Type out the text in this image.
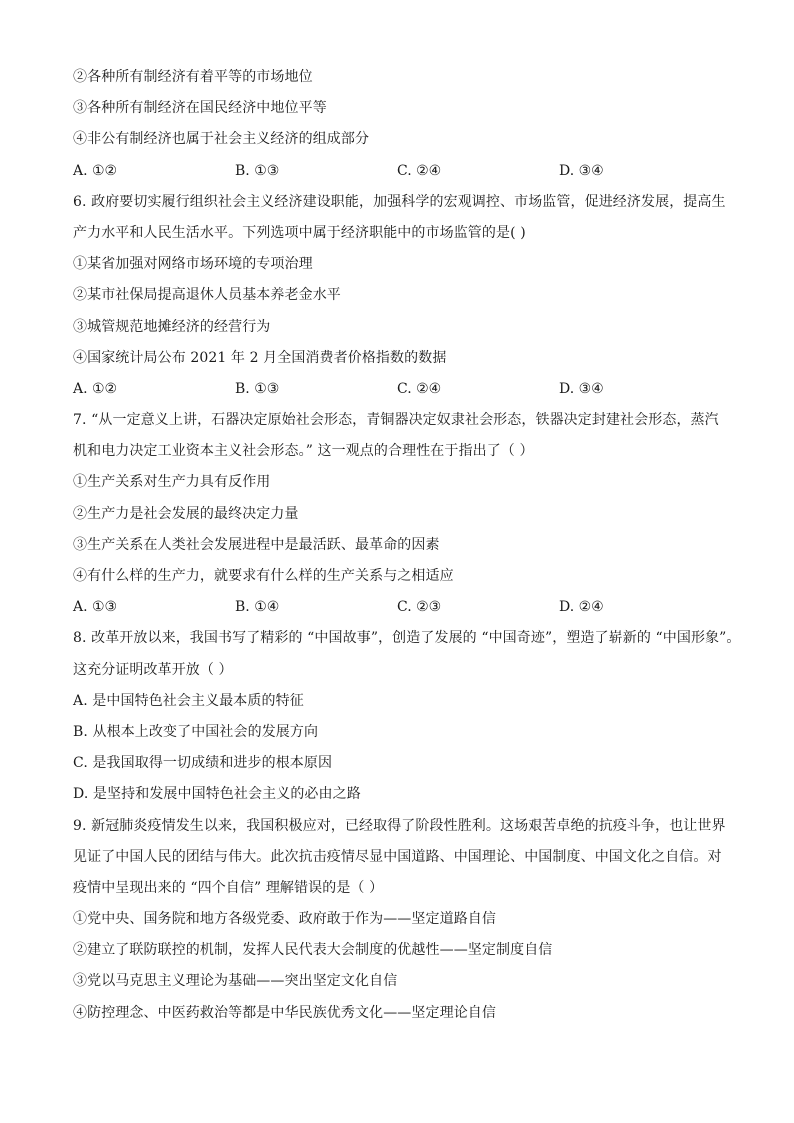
②各种所有制经济有着平等的市场地位
③各种所有制经济在国民经济中地位平等
④非公有制经济也属于社会主义经济的组成部分
A. ①②	B. ①③	C. ②④	D. ③④
6. 政府要切实履行组织社会主义经济建设职能，加强科学的宏观调控、市场监管，促进经济发展，提高生
产力水平和人民生活水平。下列选项中属于经济职能中的市场监管的是( )
①某省加强对网络市场环境的专项治理
②某市社保局提高退休人员基本养老金水平
③城管规范地摊经济的经营行为
④国家统计局公布 2021 年 2 月全国消费者价格指数的数据
A. ①②	B. ①③	C. ②④	D. ③④
7. “从一定意义上讲，石器决定原始社会形态，青铜器决定奴隶社会形态，铁器决定封建社会形态，蒸汽
机和电力决定工业资本主义社会形态。” 这一观点的合理性在于指出了（ ）
①生产关系对生产力具有反作用
②生产力是社会发展的最终决定力量
③生产关系在人类社会发展进程中是最活跃、最革命的因素
④有什么样的生产力，就要求有什么样的生产关系与之相适应
A. ①③	B. ①④	C. ②③	D. ②④
8. 改革开放以来，我国书写了精彩的 “中国故事”，创造了发展的 “中国奇迹”，塑造了崭新的 “中国形象”。
这充分证明改革开放（ ）
A. 是中国特色社会主义最本质的特征
B. 从根本上改变了中国社会的发展方向
C. 是我国取得一切成绩和进步的根本原因
D. 是坚持和发展中国特色社会主义的必由之路
9. 新冠肺炎疫情发生以来，我国积极应对，已经取得了阶段性胜利。这场艰苦卓绝的抗疫斗争，也让世界
见证了中国人民的团结与伟大。此次抗击疫情尽显中国道路、中国理论、中国制度、中国文化之自信。对
疫情中呈现出来的 “四个自信” 理解错误的是（ ）
①党中央、国务院和地方各级党委、政府敢于作为——坚定道路自信
②建立了联防联控的机制，发挥人民代表大会制度的优越性——坚定制度自信
③党以马克思主义理论为基础——突出坚定文化自信
④防控理念、中医药救治等都是中华民族优秀文化——坚定理论自信
